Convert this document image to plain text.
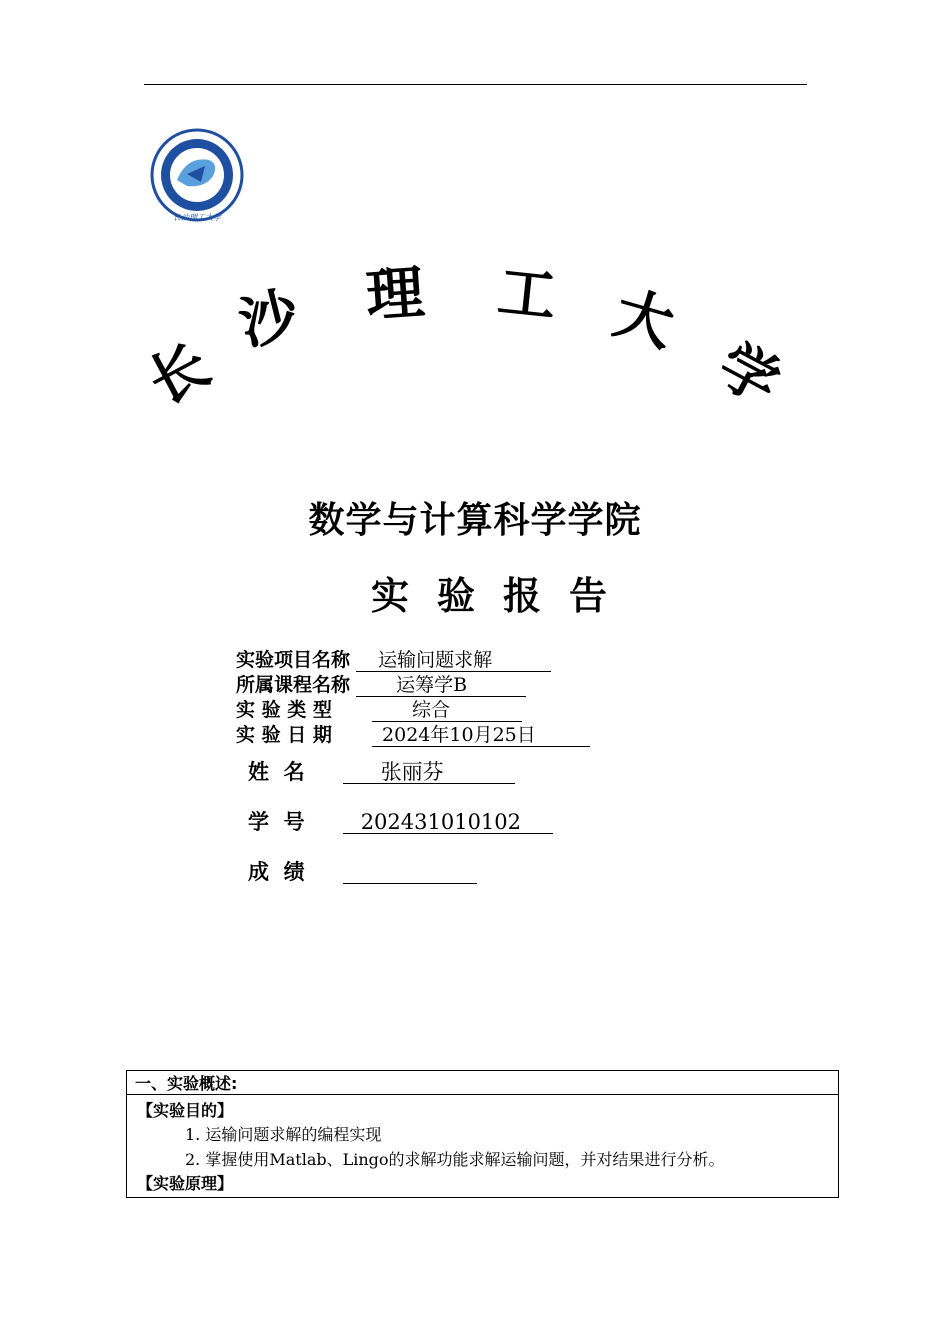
长沙理工大学
长
沙 理 工 大
学
数学与计算科学学院
实验报告
实验项目名称 运输问题求解
所属课程名称 运筹学B
实 验 类 型	综合
实 验 日 期	2024年10月25日
姓  名	张丽芬
学  号	202431010102
成  绩
一、实验概述:
【实验目的】
1. 运输问题求解的编程实现
2. 掌握使用Matlab、Lingo的求解功能求解运输问题，并对结果进行分析。
【实验原理】
